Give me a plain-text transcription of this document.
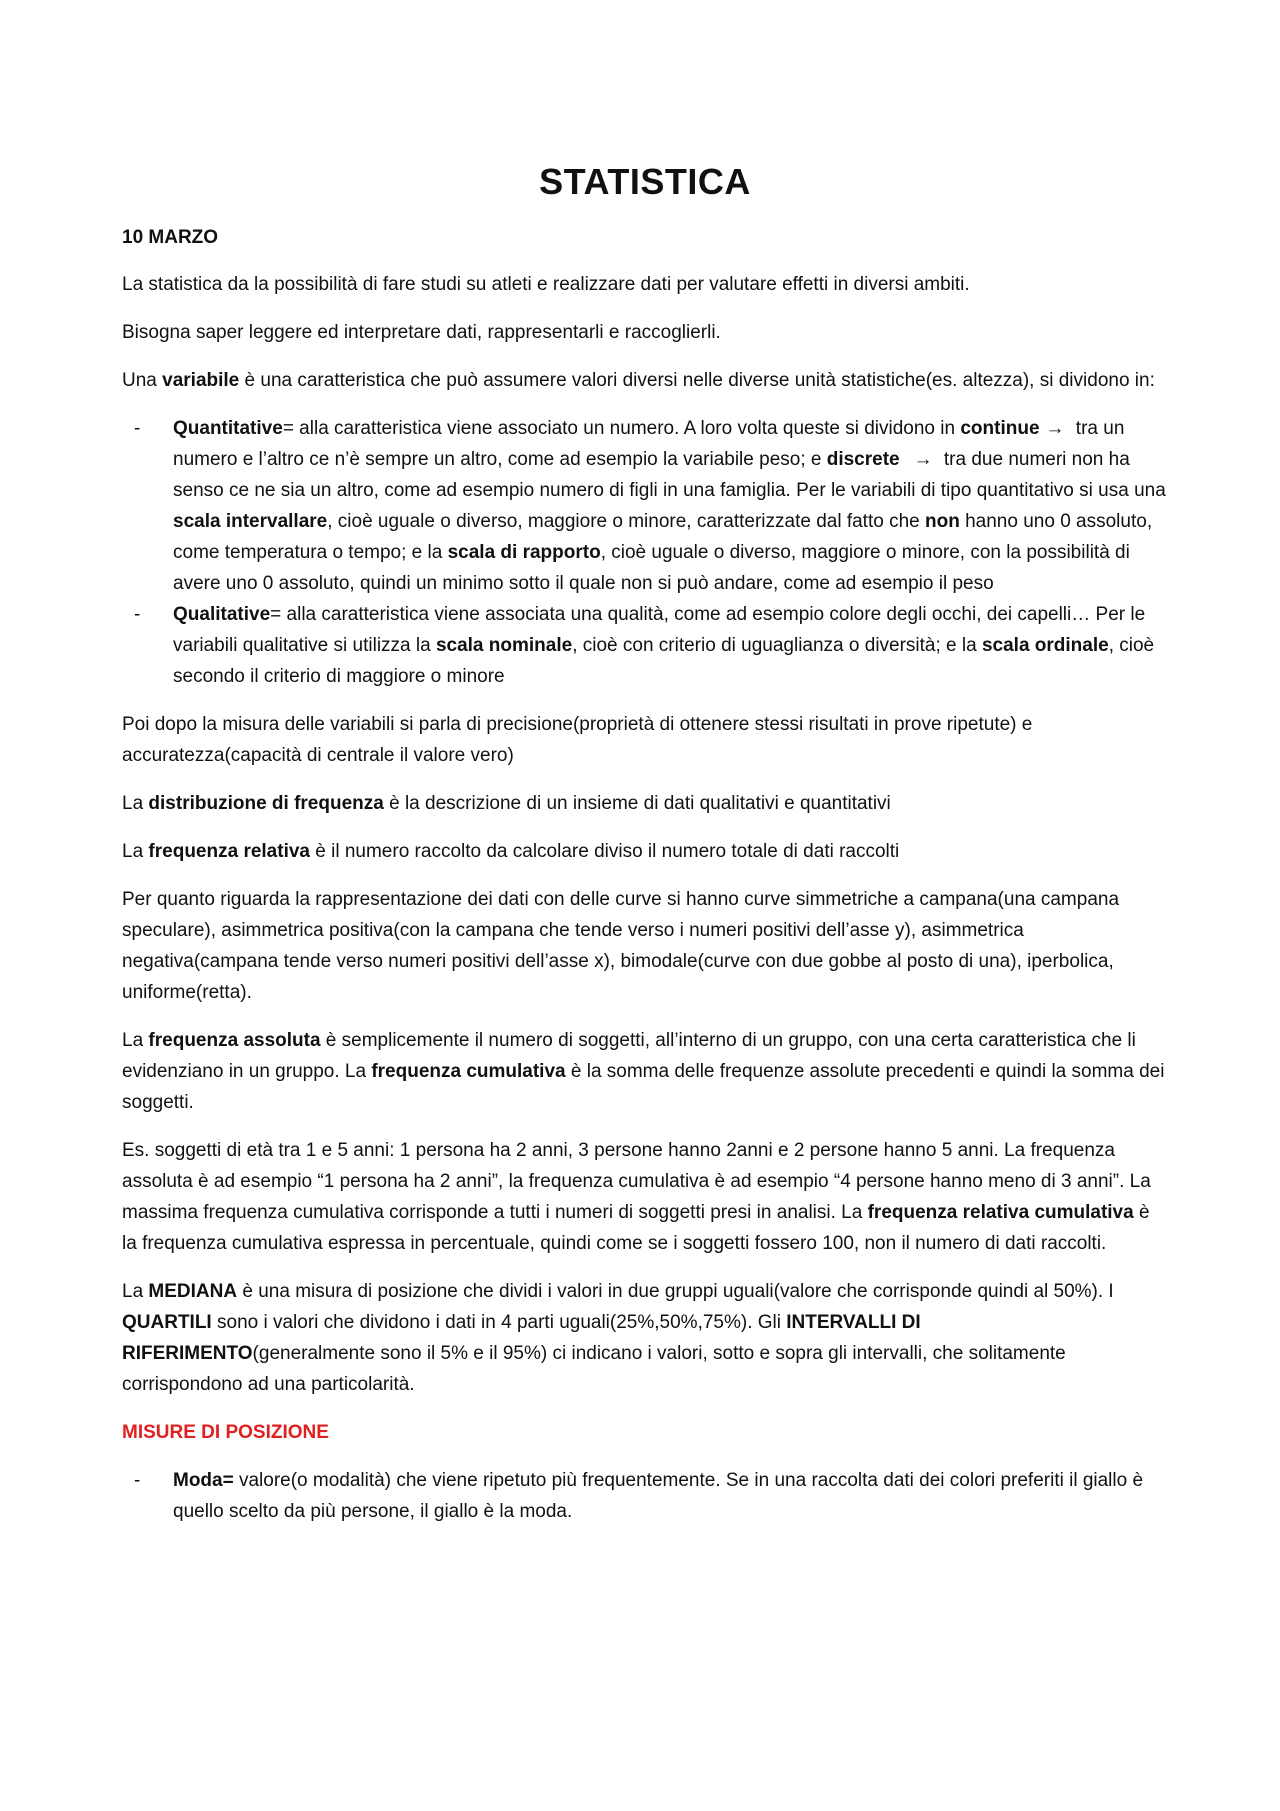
STATISTICA
10 MARZO

La statistica da la possibilità di fare studi su atleti e realizzare dati per valutare effetti in diversi ambiti.

Bisogna saper leggere ed interpretare dati, rappresentarli e raccoglierli.

Una variabile è una caratteristica che può assumere valori diversi nelle diverse unità statistiche(es. altezza), si dividono in:

- Quantitative= alla caratteristica viene associato un numero. A loro volta queste si dividono in continue → tra un numero e l’altro ce n’è sempre un altro, come ad esempio la variabile peso; e discrete → tra due numeri non ha senso ce ne sia un altro, come ad esempio numero di figli in una famiglia. Per le variabili di tipo quantitativo si usa una scala intervallare, cioè uguale o diverso, maggiore o minore, caratterizzate dal fatto che non hanno uno 0 assoluto, come temperatura o tempo; e la scala di rapporto, cioè uguale o diverso, maggiore o minore, con la possibilità di avere uno 0 assoluto, quindi un minimo sotto il quale non si può andare, come ad esempio il peso
- Qualitative= alla caratteristica viene associata una qualità, come ad esempio colore degli occhi, dei capelli… Per le variabili qualitative si utilizza la scala nominale, cioè con criterio di uguaglianza o diversità; e la scala ordinale, cioè secondo il criterio di maggiore o minore

Poi dopo la misura delle variabili si parla di precisione(proprietà di ottenere stessi risultati in prove ripetute) e accuratezza(capacità di centrale il valore vero)

La distribuzione di frequenza è la descrizione di un insieme di dati qualitativi e quantitativi

La frequenza relativa è il numero raccolto da calcolare diviso il numero totale di dati raccolti

Per quanto riguarda la rappresentazione dei dati con delle curve si hanno curve simmetriche a campana(una campana speculare), asimmetrica positiva(con la campana che tende verso i numeri positivi dell’asse y), asimmetrica negativa(campana tende verso numeri positivi dell’asse x), bimodale(curve con due gobbe al posto di una), iperbolica, uniforme(retta).

La frequenza assoluta è semplicemente il numero di soggetti, all’interno di un gruppo, con una certa caratteristica che li evidenziano in un gruppo. La frequenza cumulativa è la somma delle frequenze assolute precedenti e quindi la somma dei soggetti.

Es. soggetti di età tra 1 e 5 anni: 1 persona ha 2 anni, 3 persone hanno 2anni e 2 persone hanno 5 anni. La frequenza assoluta è ad esempio “1 persona ha 2 anni”, la frequenza cumulativa è ad esempio “4 persone hanno meno di 3 anni”. La massima frequenza cumulativa corrisponde a tutti i numeri di soggetti presi in analisi. La frequenza relativa cumulativa è la frequenza cumulativa espressa in percentuale, quindi come se i soggetti fossero 100, non il numero di dati raccolti.

La MEDIANA è una misura di posizione che dividi i valori in due gruppi uguali(valore che corrisponde quindi al 50%). I QUARTILI sono i valori che dividono i dati in 4 parti uguali(25%,50%,75%). Gli INTERVALLI DI RIFERIMENTO(generalmente sono il 5% e il 95%) ci indicano i valori, sotto e sopra gli intervalli, che solitamente corrispondono ad una particolarità.

MISURE DI POSIZIONE
- Moda= valore(o modalità) che viene ripetuto più frequentemente. Se in una raccolta dati dei colori preferiti il giallo è quello scelto da più persone, il giallo è la moda.
